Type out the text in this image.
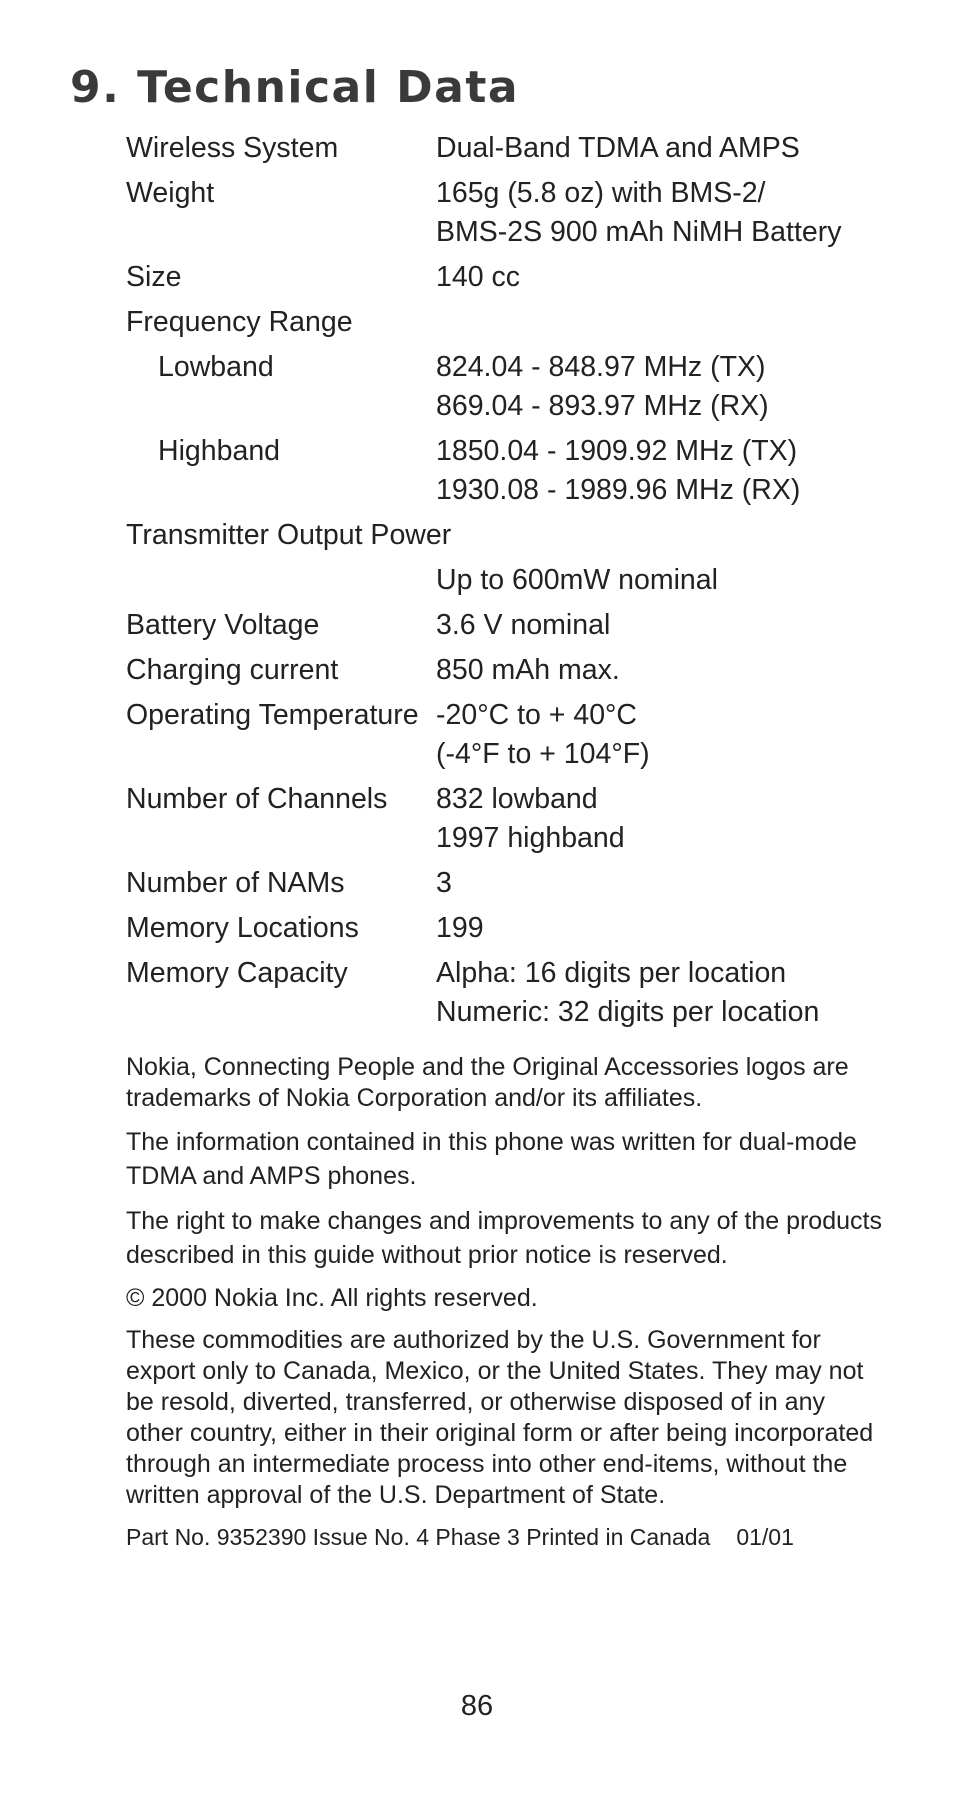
9. Technical Data
Wireless System	Dual-Band TDMA and AMPS
Weight	165g (5.8 oz) with BMS-2/
BMS-2S 900 mAh NiMH Battery
Size	140 cc
Frequency Range
Lowband	824.04 - 848.97 MHz (TX)
869.04 - 893.97 MHz (RX)
Highband	1850.04 - 1909.92 MHz (TX)
1930.08 - 1989.96 MHz (RX)
Transmitter Output Power
Up to 600mW nominal
Battery Voltage	3.6 V nominal
Charging current	850 mAh max.
Operating Temperature -20°C to + 40°C
(-4°F to + 104°F)
Number of Channels	832 lowband
1997 highband
Number of NAMs	3
Memory Locations	199
Memory Capacity	Alpha: 16 digits per location
Numeric: 32 digits per location

Nokia, Connecting People and the Original Accessories logos are trademarks of Nokia Corporation and/or its affiliates.

The information contained in this phone was written for dual-mode TDMA and AMPS phones.

The right to make changes and improvements to any of the products described in this guide without prior notice is reserved.

© 2000 Nokia Inc. All rights reserved.

These commodities are authorized by the U.S. Government for export only to Canada, Mexico, or the United States. They may not be resold, diverted, transferred, or otherwise disposed of in any other country, either in their original form or after being incorporated through an intermediate process into other end-items, without the written approval of the U.S. Department of State.

Part No. 9352390 Issue No. 4 Phase 3 Printed in Canada 01/01
86
